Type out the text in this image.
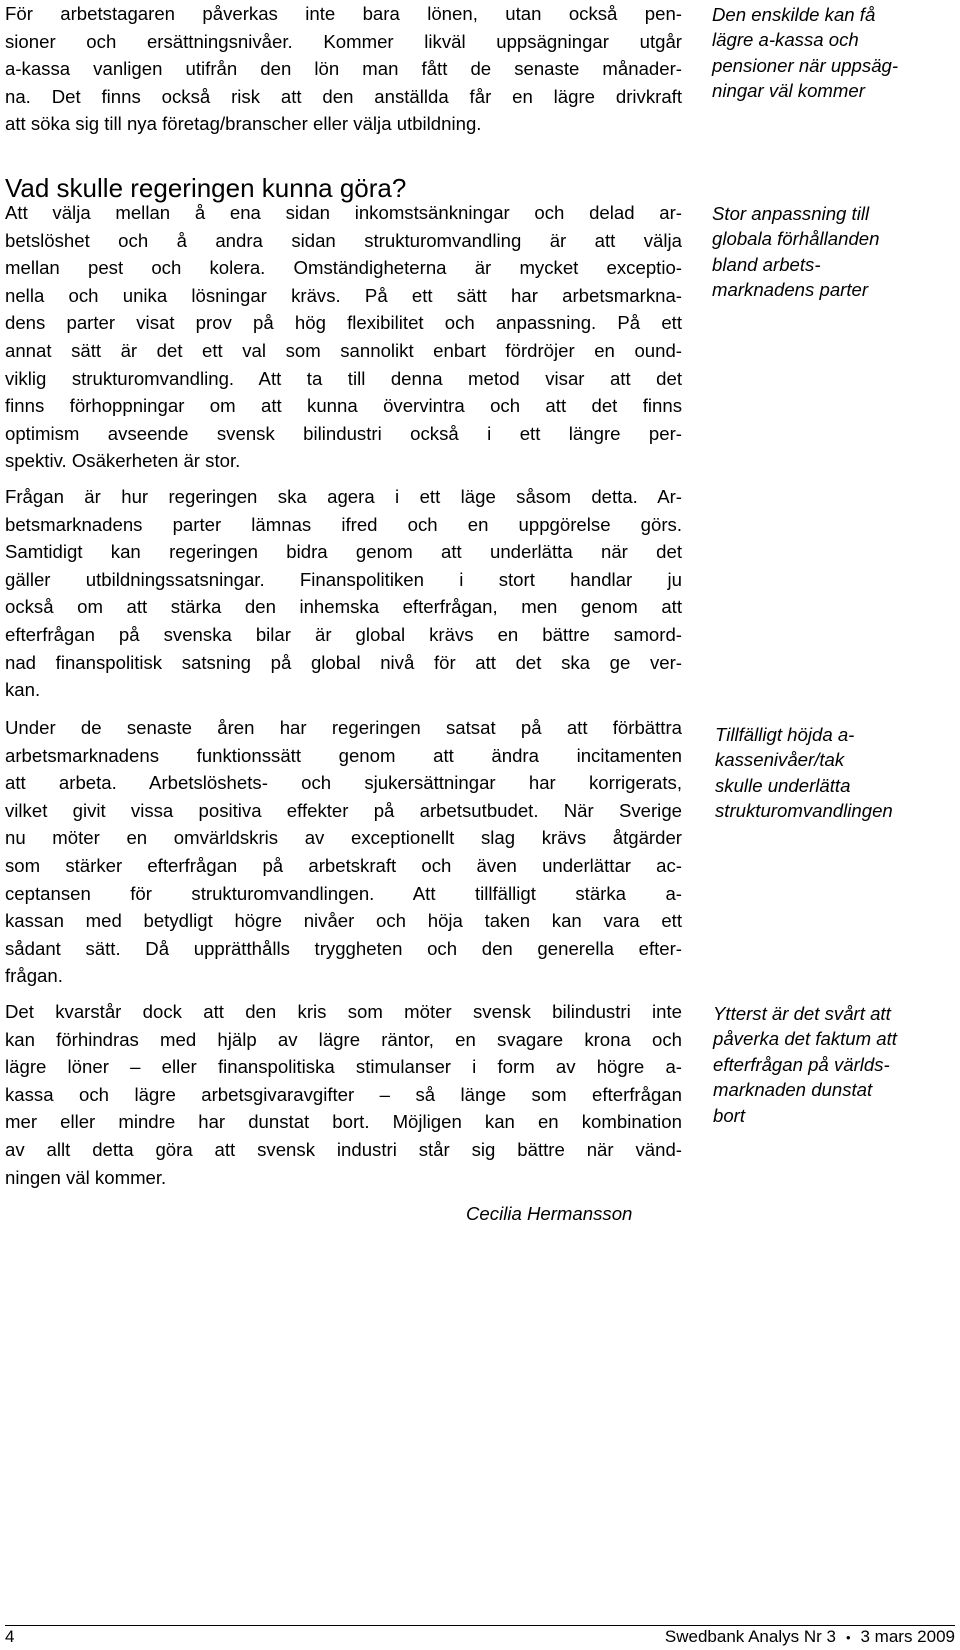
För arbetstagaren påverkas inte bara lönen, utan också pen-
sioner och ersättningsnivåer. Kommer likväl uppsägningar utgår
a-kassa vanligen utifrån den lön man fått de senaste månader-
na. Det finns också risk att den anställda får en lägre drivkraft
att söka sig till nya företag/branscher eller välja utbildning.
Vad skulle regeringen kunna göra?
Att välja mellan å ena sidan inkomstsänkningar och delad ar-
betslöshet och å andra sidan strukturomvandling är att välja
mellan pest och kolera. Omständigheterna är mycket exceptio-
nella och unika lösningar krävs. På ett sätt har arbetsmarkna-
dens parter visat prov på hög flexibilitet och anpassning. På ett
annat sätt är det ett val som sannolikt enbart fördröjer en ound-
viklig strukturomvandling. Att ta till denna metod visar att det
finns förhoppningar om att kunna övervintra och att det finns
optimism avseende svensk bilindustri också i ett längre per-
spektiv. Osäkerheten är stor.
Frågan är hur regeringen ska agera i ett läge såsom detta. Ar-
betsmarknadens parter lämnas ifred och en uppgörelse görs.
Samtidigt kan regeringen bidra genom att underlätta när det
gäller utbildningssatsningar. Finanspolitiken i stort handlar ju
också om att stärka den inhemska efterfrågan, men genom att
efterfrågan på svenska bilar är global krävs en bättre samord-
nad finanspolitisk satsning på global nivå för att det ska ge ver-
kan.
Under de senaste åren har regeringen satsat på att förbättra
arbetsmarknadens funktionssätt genom att ändra incitamenten
att arbeta. Arbetslöshets- och sjukersättningar har korrigerats,
vilket givit vissa positiva effekter på arbetsutbudet. När Sverige
nu möter en omvärldskris av exceptionellt slag krävs åtgärder
som stärker efterfrågan på arbetskraft och även underlättar ac-
ceptansen för strukturomvandlingen. Att tillfälligt stärka a-
kassan med betydligt högre nivåer och höja taken kan vara ett
sådant sätt. Då upprätthålls tryggheten och den generella efter-
frågan.
Det kvarstår dock att den kris som möter svensk bilindustri inte
kan förhindras med hjälp av lägre räntor, en svagare krona och
lägre löner – eller finanspolitiska stimulanser i form av högre a-
kassa och lägre arbetsgivaravgifter – så länge som efterfrågan
mer eller mindre har dunstat bort. Möjligen kan en kombination
av allt detta göra att svensk industri står sig bättre när vänd-
ningen väl kommer.
Cecilia Hermansson
Den enskilde kan få
lägre a-kassa och
pensioner när uppsäg-
ningar väl kommer
Stor anpassning till
globala förhållanden
bland arbets-
marknadens parter
Tillfälligt höjda a-
kassenivåer/tak
skulle underlätta
strukturomvandlingen
Ytterst är det svårt att
påverka det faktum att
efterfrågan på världs-
marknaden dunstat
bort
4	Swedbank Analys Nr 3 • 3 mars 2009
